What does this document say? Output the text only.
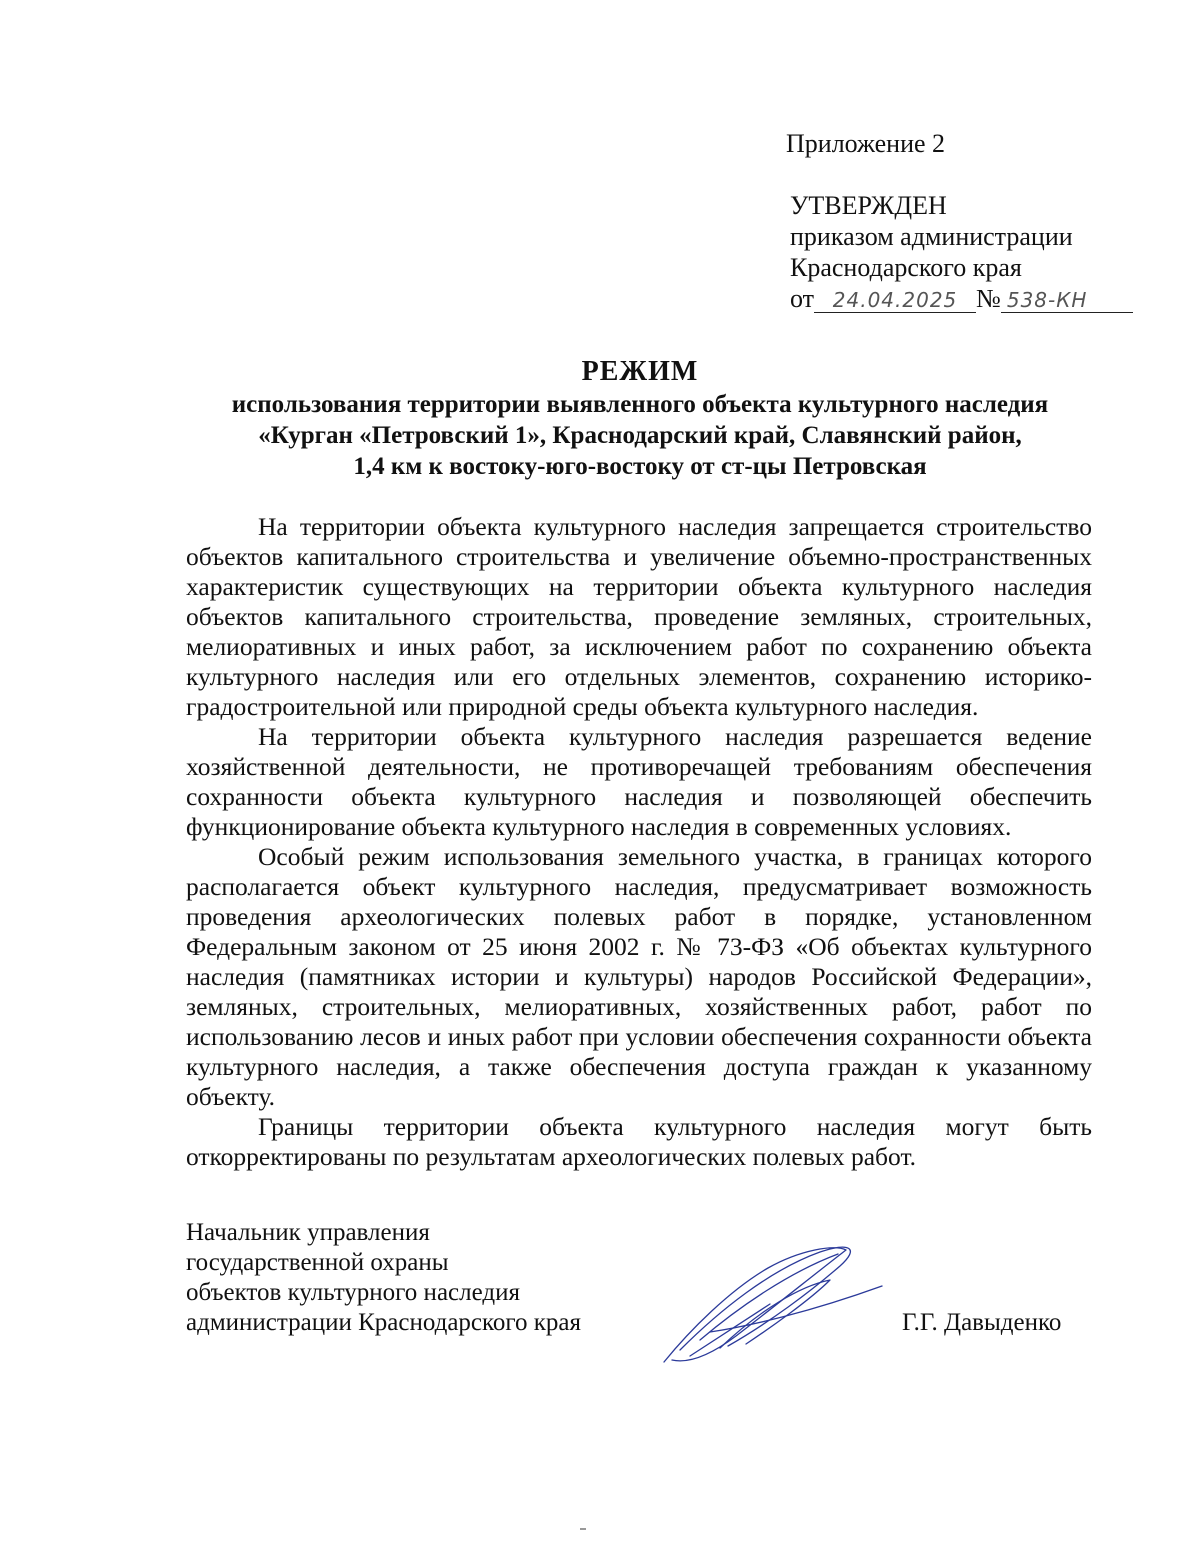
Приложение 2
УТВЕРЖДЕН
приказом администрации
Краснодарского края
от 24.04.2025 № 538-КН
РЕЖИМ
использования территории выявленного объекта культурного наследия
«Курган «Петровский 1», Краснодарский край, Славянский район,
1,4 км к востоку-юго-востоку от ст-цы Петровская

На территории объекта культурного наследия запрещается строительство объектов капитального строительства и увеличение объемно-пространственных характеристик существующих на территории объекта культурного наследия объектов капитального строительства, проведение земляных, строительных, мелиоративных и иных работ, за исключением работ по сохранению объекта культурного наследия или его отдельных элементов, сохранению историко-градостроительной или природной среды объекта культурного наследия.

На территории объекта культурного наследия разрешается ведение хозяйственной деятельности, не противоречащей требованиям обеспечения сохранности объекта культурного наследия и позволяющей обеспечить функционирование объекта культурного наследия в современных условиях.

Особый режим использования земельного участка, в границах которого располагается объект культурного наследия, предусматривает возможность проведения археологических полевых работ в порядке, установленном Федеральным законом от 25 июня 2002 г. № 73-ФЗ «Об объектах культурного наследия (памятниках истории и культуры) народов Российской Федерации», земляных, строительных, мелиоративных, хозяйственных работ, работ по использованию лесов и иных работ при условии обеспечения сохранности объекта культурного наследия, а также обеспечения доступа граждан к указанному объекту.

Границы территории объекта культурного наследия могут быть откорректированы по результатам археологических полевых работ.

Начальник управления
государственной охраны
объектов культурного наследия
администрации Краснодарского края	Г.Г. Давыденко
